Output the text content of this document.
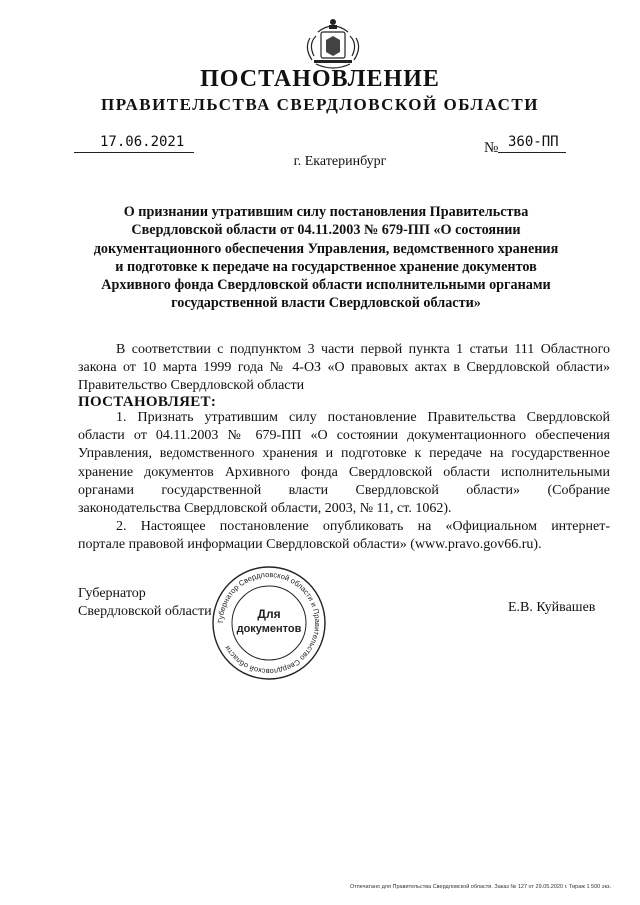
ПОСТАНОВЛЕНИЕ
ПРАВИТЕЛЬСТВА СВЕРДЛОВСКОЙ ОБЛАСТИ
17.06.2021	№ 360-ПП
г. Екатеринбург
О признании утратившим силу постановления Правительства
Свердловской области от 04.11.2003 № 679-ПП «О состоянии
документационного обеспечения Управления, ведомственного хранения
и подготовке к передаче на государственное хранение документов
Архивного фонда Свердловской области исполнительными органами
государственной власти Свердловской области»
В соответствии с подпунктом 3 части первой пункта 1 статьи 111 Областного
закона от 10 марта 1999 года № 4-ОЗ «О правовых актах в Свердловской области»
Правительство Свердловской области
ПОСТАНОВЛЯЕТ:
1. Признать утратившим силу постановление Правительства Свердловской
области от 04.11.2003 № 679-ПП «О состоянии документационного обеспечения
Управления, ведомственного хранения и подготовке к передаче на государственное
хранение документов Архивного фонда Свердловской области исполнительными
органами государственной власти Свердловской области» (Собрание
законодательства Свердловской области, 2003, № 11, ст. 1062).
2. Настоящее постановление опубликовать на «Официальном интернет-
портале правовой информации Свердловской области» (www.pravo.gov66.ru).
Губернатор
Свердловской области	Е.В. Куйвашев
Губернатор Свердловской области и Правительство Свердловской области
Для
документов
Отпечатано для Правительства Свердловской области. Заказ № 127 от 29.05.2020 г. Тираж 1 500 экз.
